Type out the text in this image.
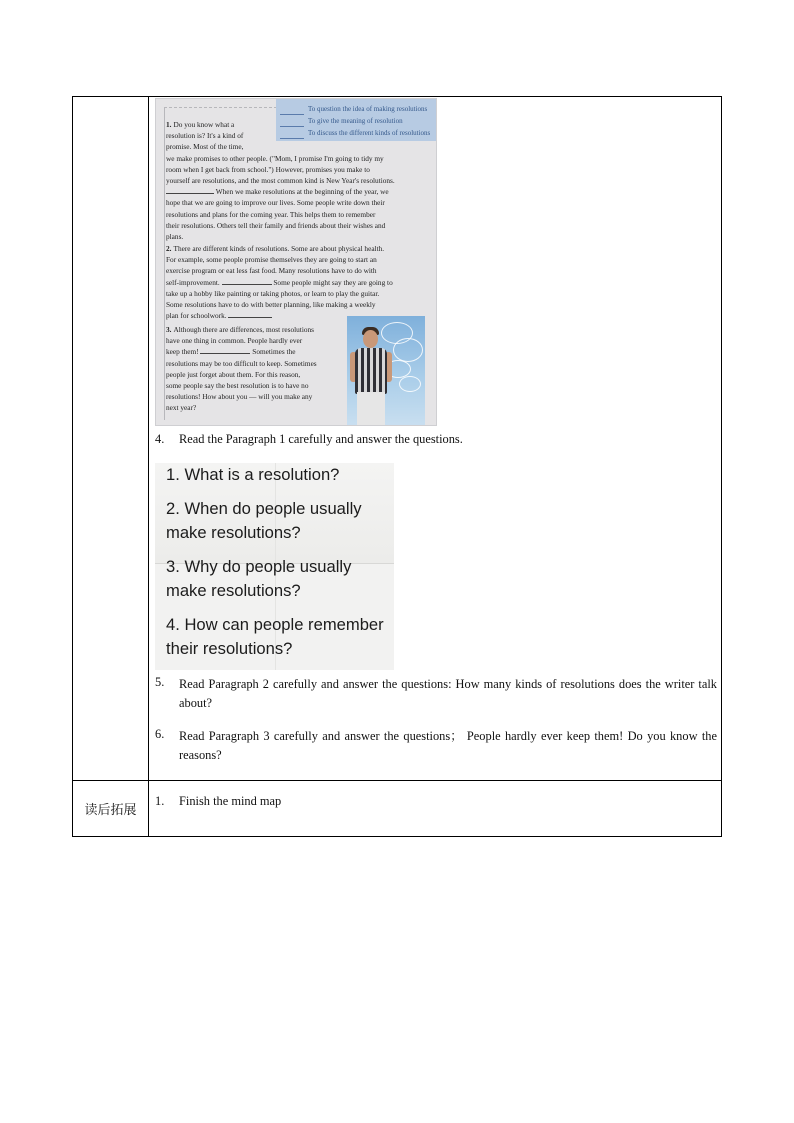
To question the idea of making resolutions
To give the meaning of resolution
To discuss the different kinds of resolutions

1. Do you know what a
resolution is? It's a kind of
promise. Most of the time,
we make promises to other people. ("Mom, I promise I'm going to tidy my
room when I get back from school.") However, promises you make to
yourself are resolutions, and the most common kind is New Year's resolutions.
When we make resolutions at the beginning of the year, we
hope that we are going to improve our lives. Some people write down their
resolutions and plans for the coming year. This helps them to remember
their resolutions. Others tell their family and friends about their wishes and
plans.

2. There are different kinds of resolutions. Some are about physical health.
For example, some people promise themselves they are going to start an
exercise program or eat less fast food. Many resolutions have to do with
self-improvement.	Some people might say they are going to
take up a hobby like painting or taking photos, or learn to play the guitar.
Some resolutions have to do with better planning, like making a weekly
plan for schoolwork.

3. Although there are differences, most resolutions
have one thing in common. People hardly ever
keep them!	Sometimes the
resolutions may be too difficult to keep. Sometimes
people just forget about them. For this reason,
some people say the best resolution is to have no
resolutions! How about you — will you make any
next year?

4. Read the Paragraph 1 carefully and answer the questions.
1. What is a resolution?
2. When do people usually make resolutions?
3. Why do people usually make resolutions?
4. How can people remember their resolutions?
5. Read Paragraph 2 carefully and answer the questions: How many kinds of resolutions does the writer talk about?
6. Read Paragraph 3 carefully and answer the questions； People hardly ever keep them! Do you know the reasons?
读后拓展
1. Finish the mind map
